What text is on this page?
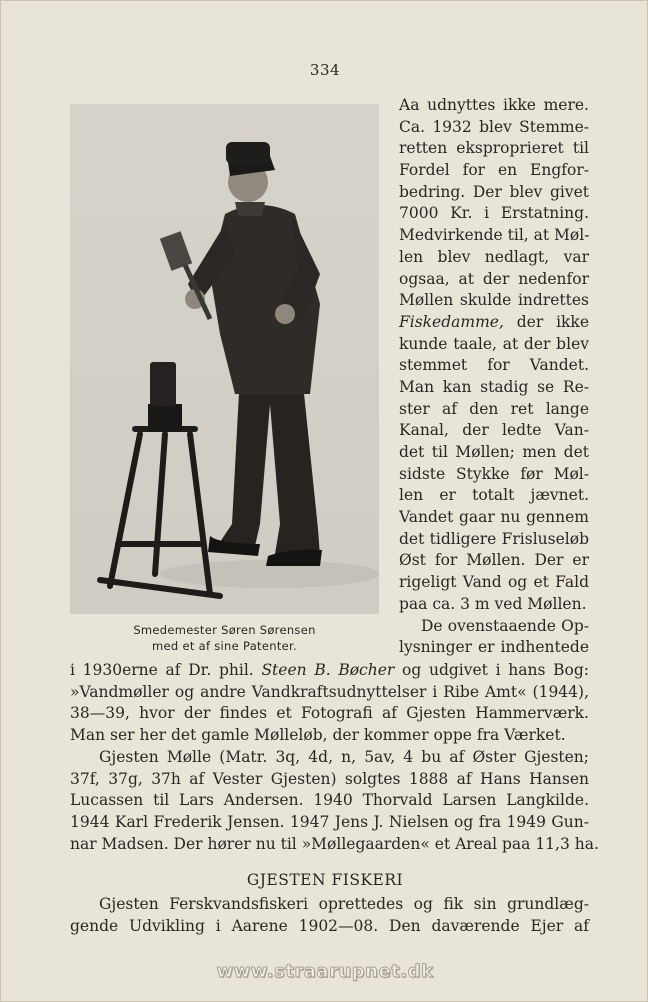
334
Smedemester Søren Sørensen
med et af sine Patenter.
Aa udnyttes ikke mere.
Ca. 1932 blev Stemme-
retten eksproprieret til
Fordel for en Engfor-
bedring. Der blev givet
7000 Kr. i Erstatning.
Medvirkende til, at Møl-
len blev nedlagt, var
ogsaa, at der nedenfor
Møllen skulde indrettes
Fiskedamme, der ikke
kunde taale, at der blev
stemmet for Vandet.
Man kan stadig se Re-
ster af den ret lange
Kanal, der ledte Van-
det til Møllen; men det
sidste Stykke før Møl-
len er totalt jævnet.
Vandet gaar nu gennem
det tidligere Frisluseløb
Øst for Møllen. Der er
rigeligt Vand og et Fald
paa ca. 3 m ved Møllen.
De ovenstaaende Op-
lysninger er indhentede
i 1930erne af Dr. phil. Steen B. Bøcher og udgivet i hans Bog:
»Vandmøller og andre Vandkraftsudnyttelser i Ribe Amt« (1944),
38—39, hvor der findes et Fotografi af Gjesten Hammerværk.
Man ser her det gamle Mølleløb, der kommer oppe fra Værket.
Gjesten Mølle (Matr. 3q, 4d, n, 5av, 4 bu af Øster Gjesten;
37f, 37g, 37h af Vester Gjesten) solgtes 1888 af Hans Hansen
Lucassen til Lars Andersen. 1940 Thorvald Larsen Langkilde.
1944 Karl Frederik Jensen. 1947 Jens J. Nielsen og fra 1949 Gun-
nar Madsen. Der hører nu til »Møllegaarden« et Areal paa 11,3 ha.
GJESTEN FISKERI
Gjesten Ferskvandsfiskeri oprettedes og fik sin grundlæg-
gende Udvikling i Aarene 1902—08. Den daværende Ejer af
www.straarupnet.dk
